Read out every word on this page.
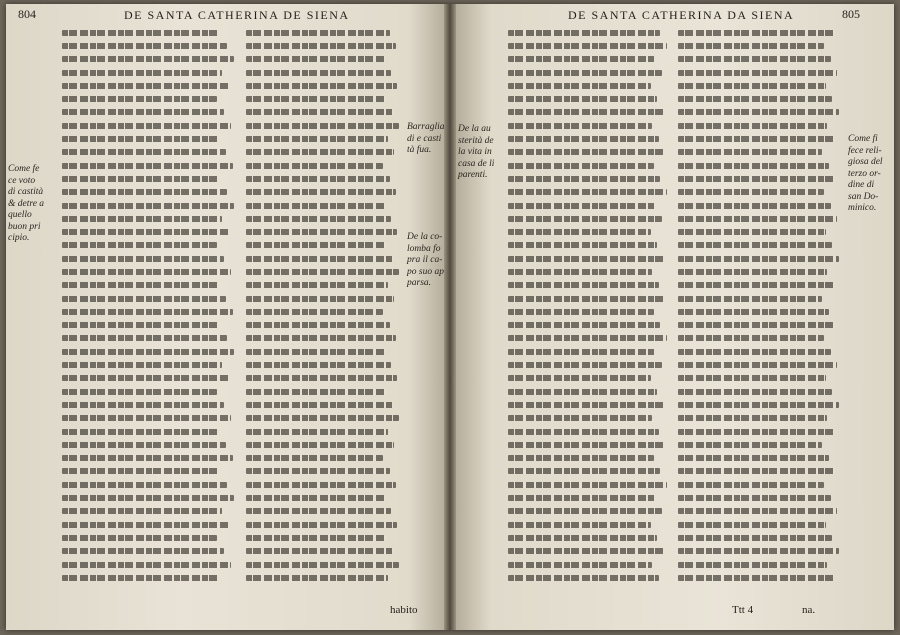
804	DE SANTA CATHERINA DE SIENA
Come fe
ce voto
di castità
& detre a
quello
buon pri
cipio.
Barraglia
di e casti
tà fua.
De la co-
lomba fo
pra il ca-
po suo ap
parsa.
habito
DE SANTA CATHERINA DA SIENA	805
De la au
sterità de
la vita in
casa de li
parenti.
Come fi
fece reli-
giosa del
terzo or-
dine di
san Do-
minico.
Ttt 4	na.
